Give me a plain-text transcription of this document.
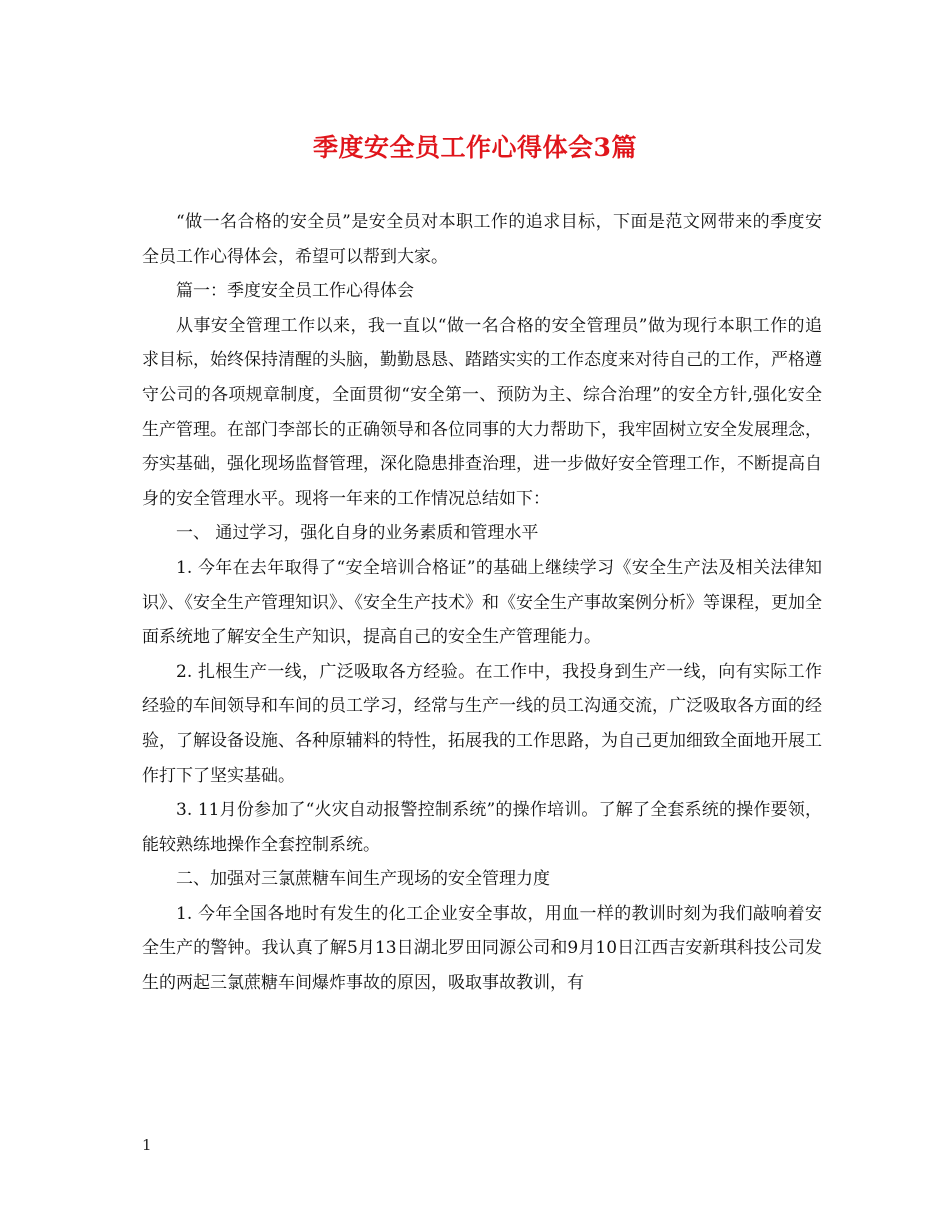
季度安全员工作心得体会3篇

“做一名合格的安全员”是安全员对本职工作的追求目标，下面是范文网带来的季度安全员工作心得体会，希望可以帮到大家。

篇一：季度安全员工作心得体会

从事安全管理工作以来，我一直以“做一名合格的安全管理员”做为现行本职工作的追求目标，始终保持清醒的头脑，勤勤恳恳、踏踏实实的工作态度来对待自己的工作，严格遵守公司的各项规章制度，全面贯彻“安全第一、预防为主、综合治理”的安全方针,强化安全生产管理。在部门李部长的正确领导和各位同事的大力帮助下，我牢固树立安全发展理念，夯实基础，强化现场监督管理，深化隐患排查治理，进一步做好安全管理工作，不断提高自身的安全管理水平。现将一年来的工作情况总结如下：

一、 通过学习，强化自身的业务素质和管理水平

1. 今年在去年取得了“安全培训合格证”的基础上继续学习《安全生产法及相关法律知识》、《安全生产管理知识》、《安全生产技术》和《安全生产事故案例分析》等课程，更加全面系统地了解安全生产知识，提高自己的安全生产管理能力。

2. 扎根生产一线，广泛吸取各方经验。在工作中，我投身到生产一线，向有实际工作经验的车间领导和车间的员工学习，经常与生产一线的员工沟通交流，广泛吸取各方面的经验，了解设备设施、各种原辅料的特性，拓展我的工作思路，为自己更加细致全面地开展工作打下了坚实基础。

3. 11月份参加了“火灾自动报警控制系统”的操作培训。了解了全套系统的操作要领，能较熟练地操作全套控制系统。

二、加强对三氯蔗糖车间生产现场的安全管理力度

1. 今年全国各地时有发生的化工企业安全事故，用血一样的教训时刻为我们敲响着安全生产的警钟。我认真了解5月13日湖北罗田同源公司和9月10日江西吉安新琪科技公司发生的两起三氯蔗糖车间爆炸事故的原因，吸取事故教训，有

1
